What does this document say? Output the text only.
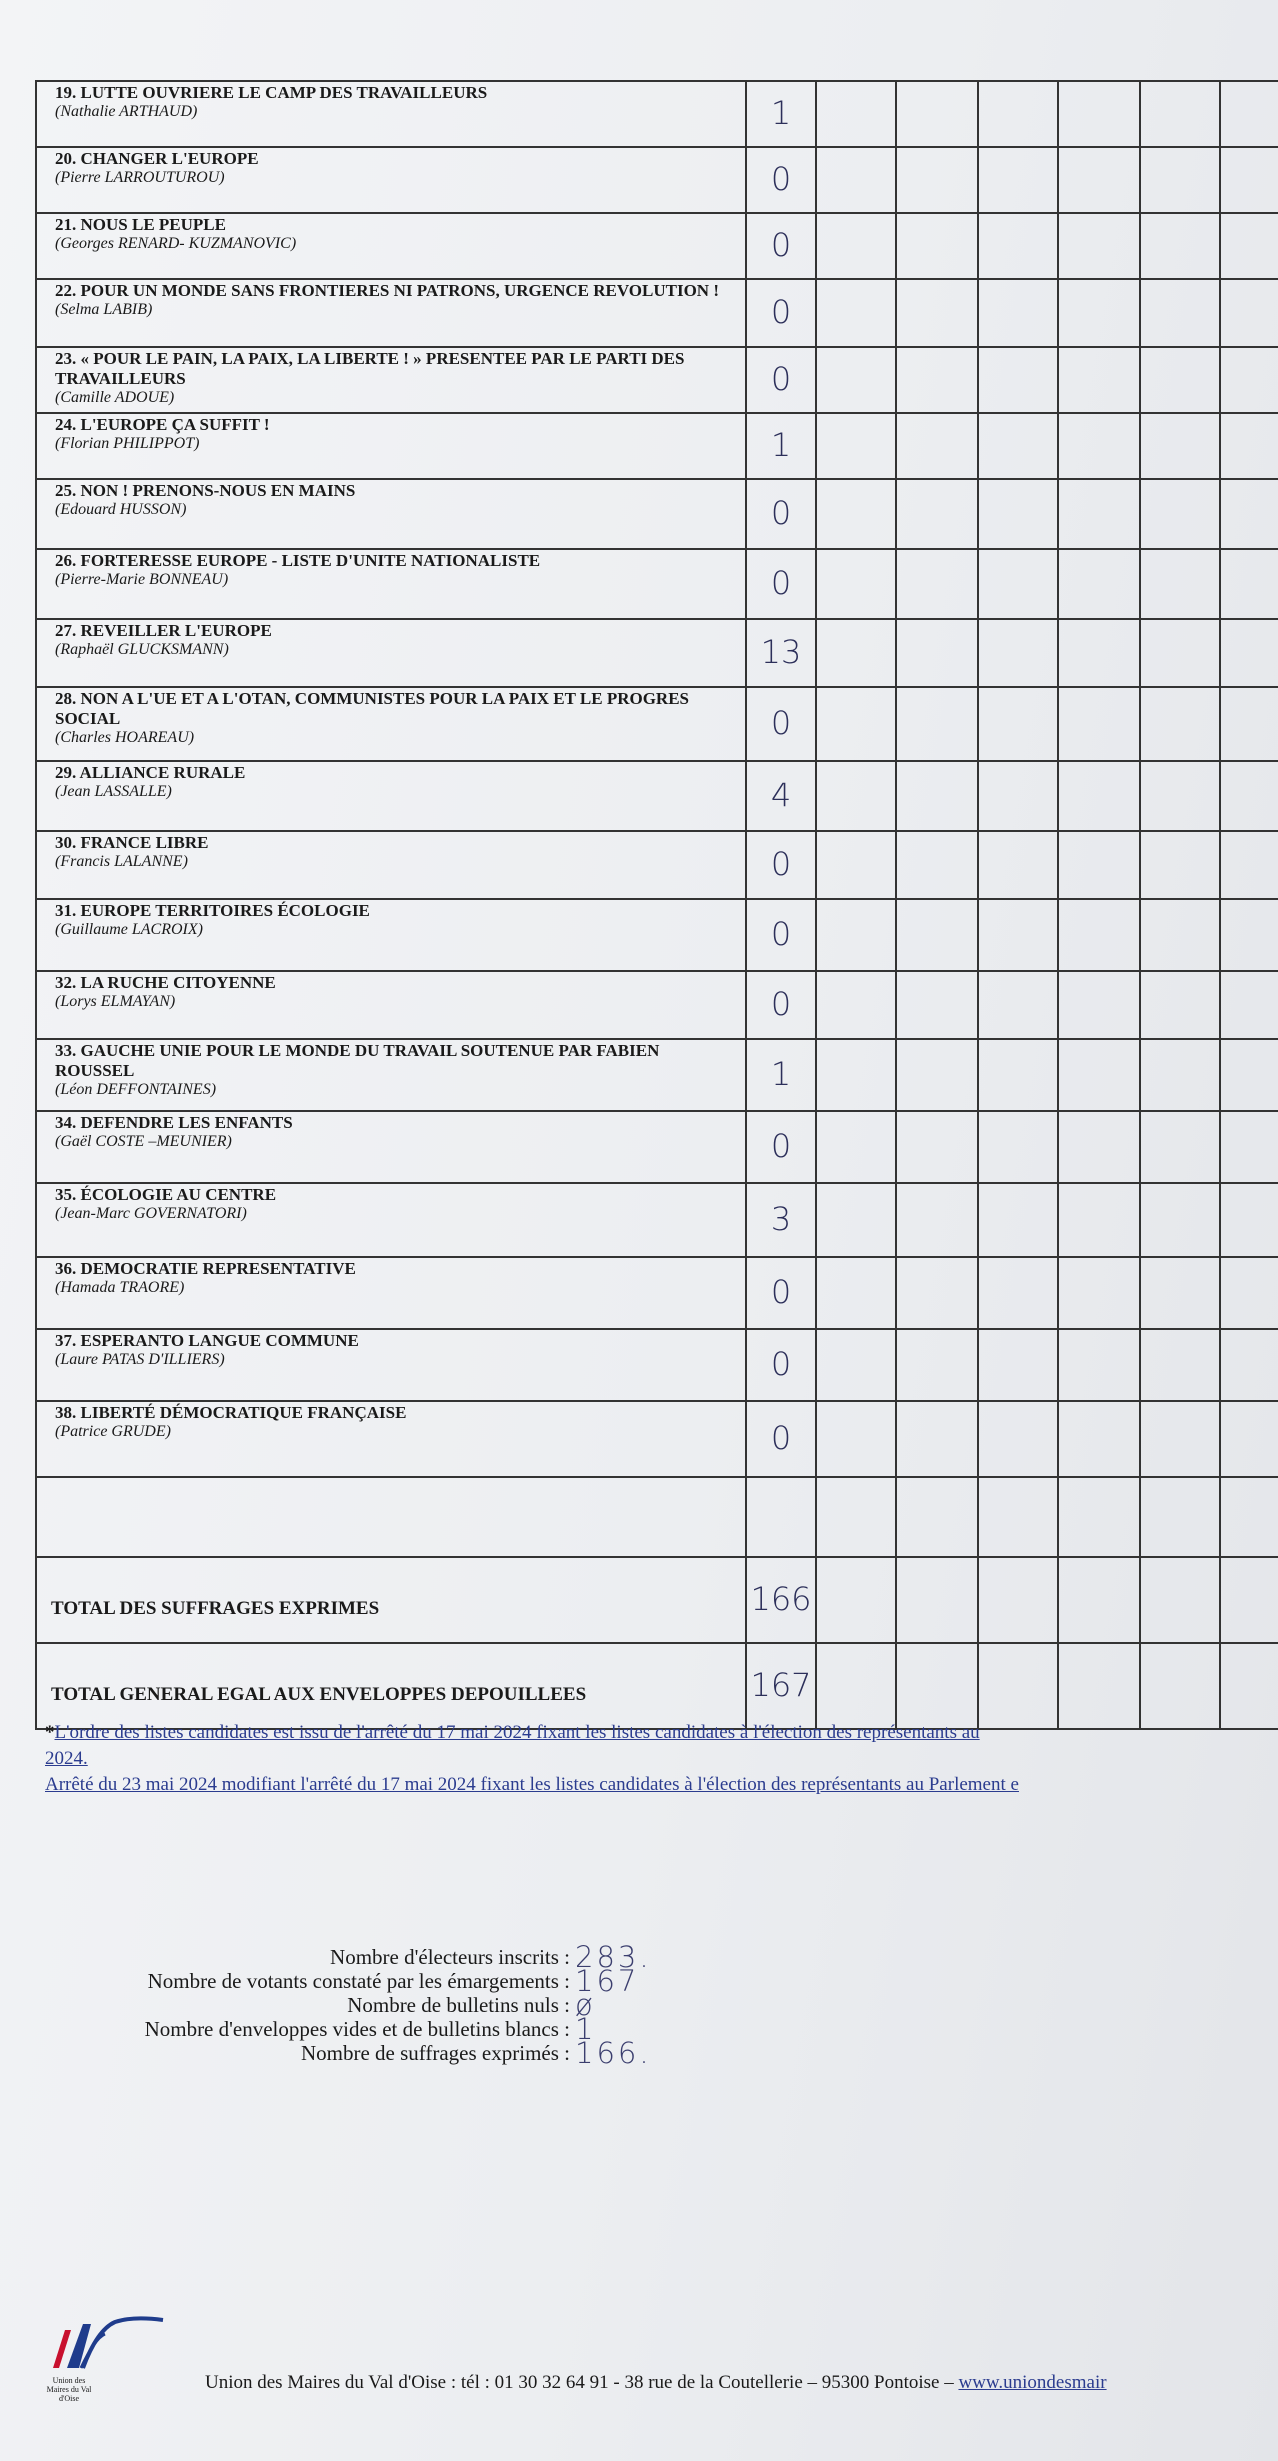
19. LUTTE OUVRIERE LE CAMP DES TRAVAILLEURS
(Nathalie ARTHAUD)	1
20. CHANGER L'EUROPE
(Pierre LARROUTUROU)	0
21. NOUS LE PEUPLE
(Georges RENARD- KUZMANOVIC)	0
22. POUR UN MONDE SANS FRONTIERES NI PATRONS, URGENCE REVOLUTION !
(Selma LABIB)	0
23. « POUR LE PAIN, LA PAIX, LA LIBERTE ! » PRESENTEE PAR LE PARTI DES TRAVAILLEURS
(Camille ADOUE)	0
24. L'EUROPE ÇA SUFFIT !
(Florian PHILIPPOT)	1
25. NON ! PRENONS-NOUS EN MAINS
(Edouard HUSSON)	0
26. FORTERESSE EUROPE - LISTE D'UNITE NATIONALISTE
(Pierre-Marie BONNEAU)	0
27. REVEILLER L'EUROPE
(Raphaël GLUCKSMANN)	13
28. NON A L'UE ET A L'OTAN, COMMUNISTES POUR LA PAIX ET LE PROGRES SOCIAL
(Charles HOAREAU)	0
29. ALLIANCE RURALE
(Jean LASSALLE)	4
30. FRANCE LIBRE
(Francis LALANNE)	0
31. EUROPE TERRITOIRES ÉCOLOGIE
(Guillaume LACROIX)	0
32. LA RUCHE CITOYENNE
(Lorys ELMAYAN)	0
33. GAUCHE UNIE POUR LE MONDE DU TRAVAIL SOUTENUE PAR FABIEN ROUSSEL
(Léon DEFFONTAINES)	1
34. DEFENDRE LES ENFANTS
(Gaël COSTE –MEUNIER)	0
35. ÉCOLOGIE AU CENTRE
(Jean-Marc GOVERNATORI)	3
36. DEMOCRATIE REPRESENTATIVE
(Hamada TRAORE)	0
37. ESPERANTO LANGUE COMMUNE
(Laure PATAS D'ILLIERS)	0
38. LIBERTÉ DÉMOCRATIQUE FRANÇAISE
(Patrice GRUDE)	0
TOTAL DES SUFFRAGES EXPRIMES	166
TOTAL GENERAL EGAL AUX ENVELOPPES DEPOUILLEES	167
*L'ordre des listes candidates est issu de l'arrêté du 17 mai 2024 fixant les listes candidates à l'élection des représentants au
2024.
Arrêté du 23 mai 2024 modifiant l'arrêté du 17 mai 2024 fixant les listes candidates à l'élection des représentants au Parlement e
Nombre d'électeurs inscrits : 283.
Nombre de votants constaté par les émargements : 167
Nombre de bulletins nuls : ø
Nombre d'enveloppes vides et de bulletins blancs : 1
Nombre de suffrages exprimés : 166.
Union des Maires du Val d'Oise
Union des Maires du Val d'Oise : tél : 01 30 32 64 91 - 38 rue de la Coutellerie – 95300 Pontoise – www.uniondesmair
